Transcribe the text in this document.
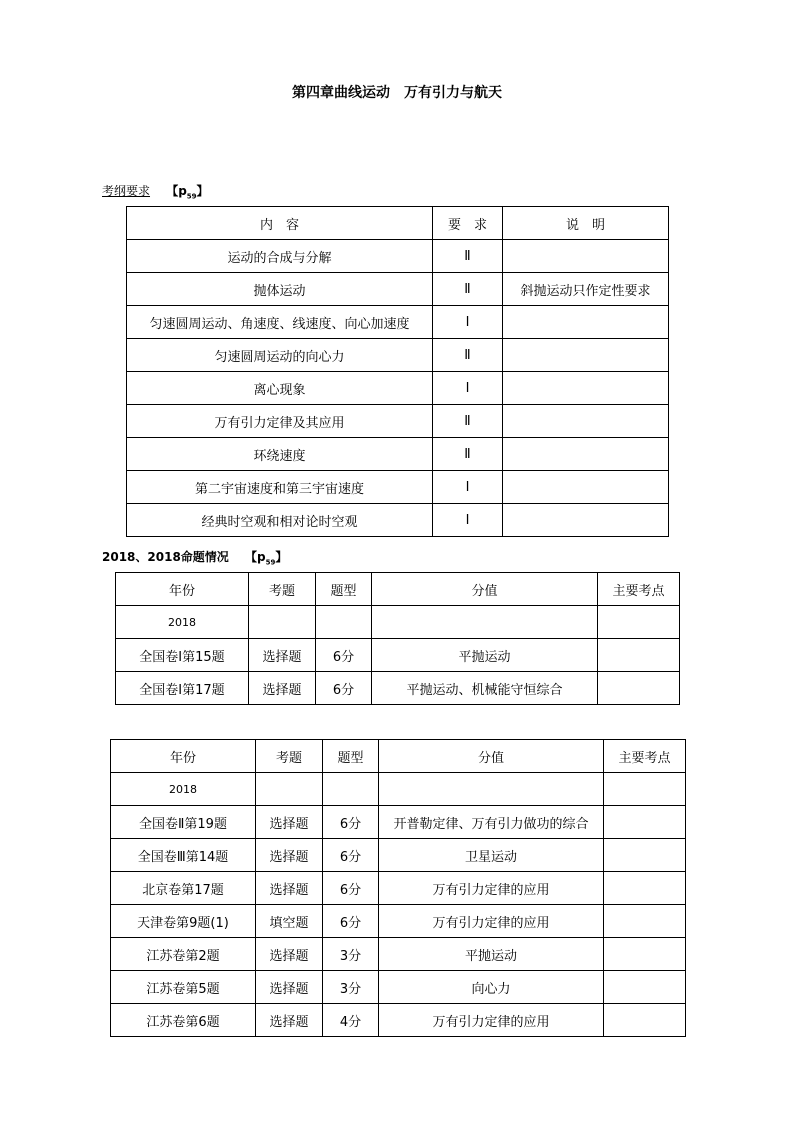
第四章曲线运动　万有引力与航天
考纲要求 【$p_{59}$】
内　容	要　求	说　明
运动的合成与分解	Ⅱ	
抛体运动	Ⅱ	斜抛运动只作定性要求
匀速圆周运动、角速度、线速度、向心加速度	Ⅰ	
匀速圆周运动的向心力	Ⅱ	
离心现象	Ⅰ	
万有引力定律及其应用	Ⅱ	
环绕速度	Ⅱ	
第二宇宙速度和第三宇宙速度	Ⅰ	
经典时空观和相对论时空观	Ⅰ	
2018、2018命题情况 【$p_{59}$】
年份	考题	题型	分值	主要考点
2018				
全国卷Ⅰ第15题	选择题	6分	平抛运动	
全国卷Ⅰ第17题	选择题	6分	平抛运动、机械能守恒综合	
年份	考题	题型	分值	主要考点
2018				
全国卷Ⅱ第19题	选择题	6分	开普勒定律、万有引力做功的综合	
全国卷Ⅲ第14题	选择题	6分	卫星运动	
北京卷第17题	选择题	6分	万有引力定律的应用	
天津卷第9题(1)	填空题	6分	万有引力定律的应用	
江苏卷第2题	选择题	3分	平抛运动	
江苏卷第5题	选择题	3分	向心力	
江苏卷第6题	选择题	4分	万有引力定律的应用	
